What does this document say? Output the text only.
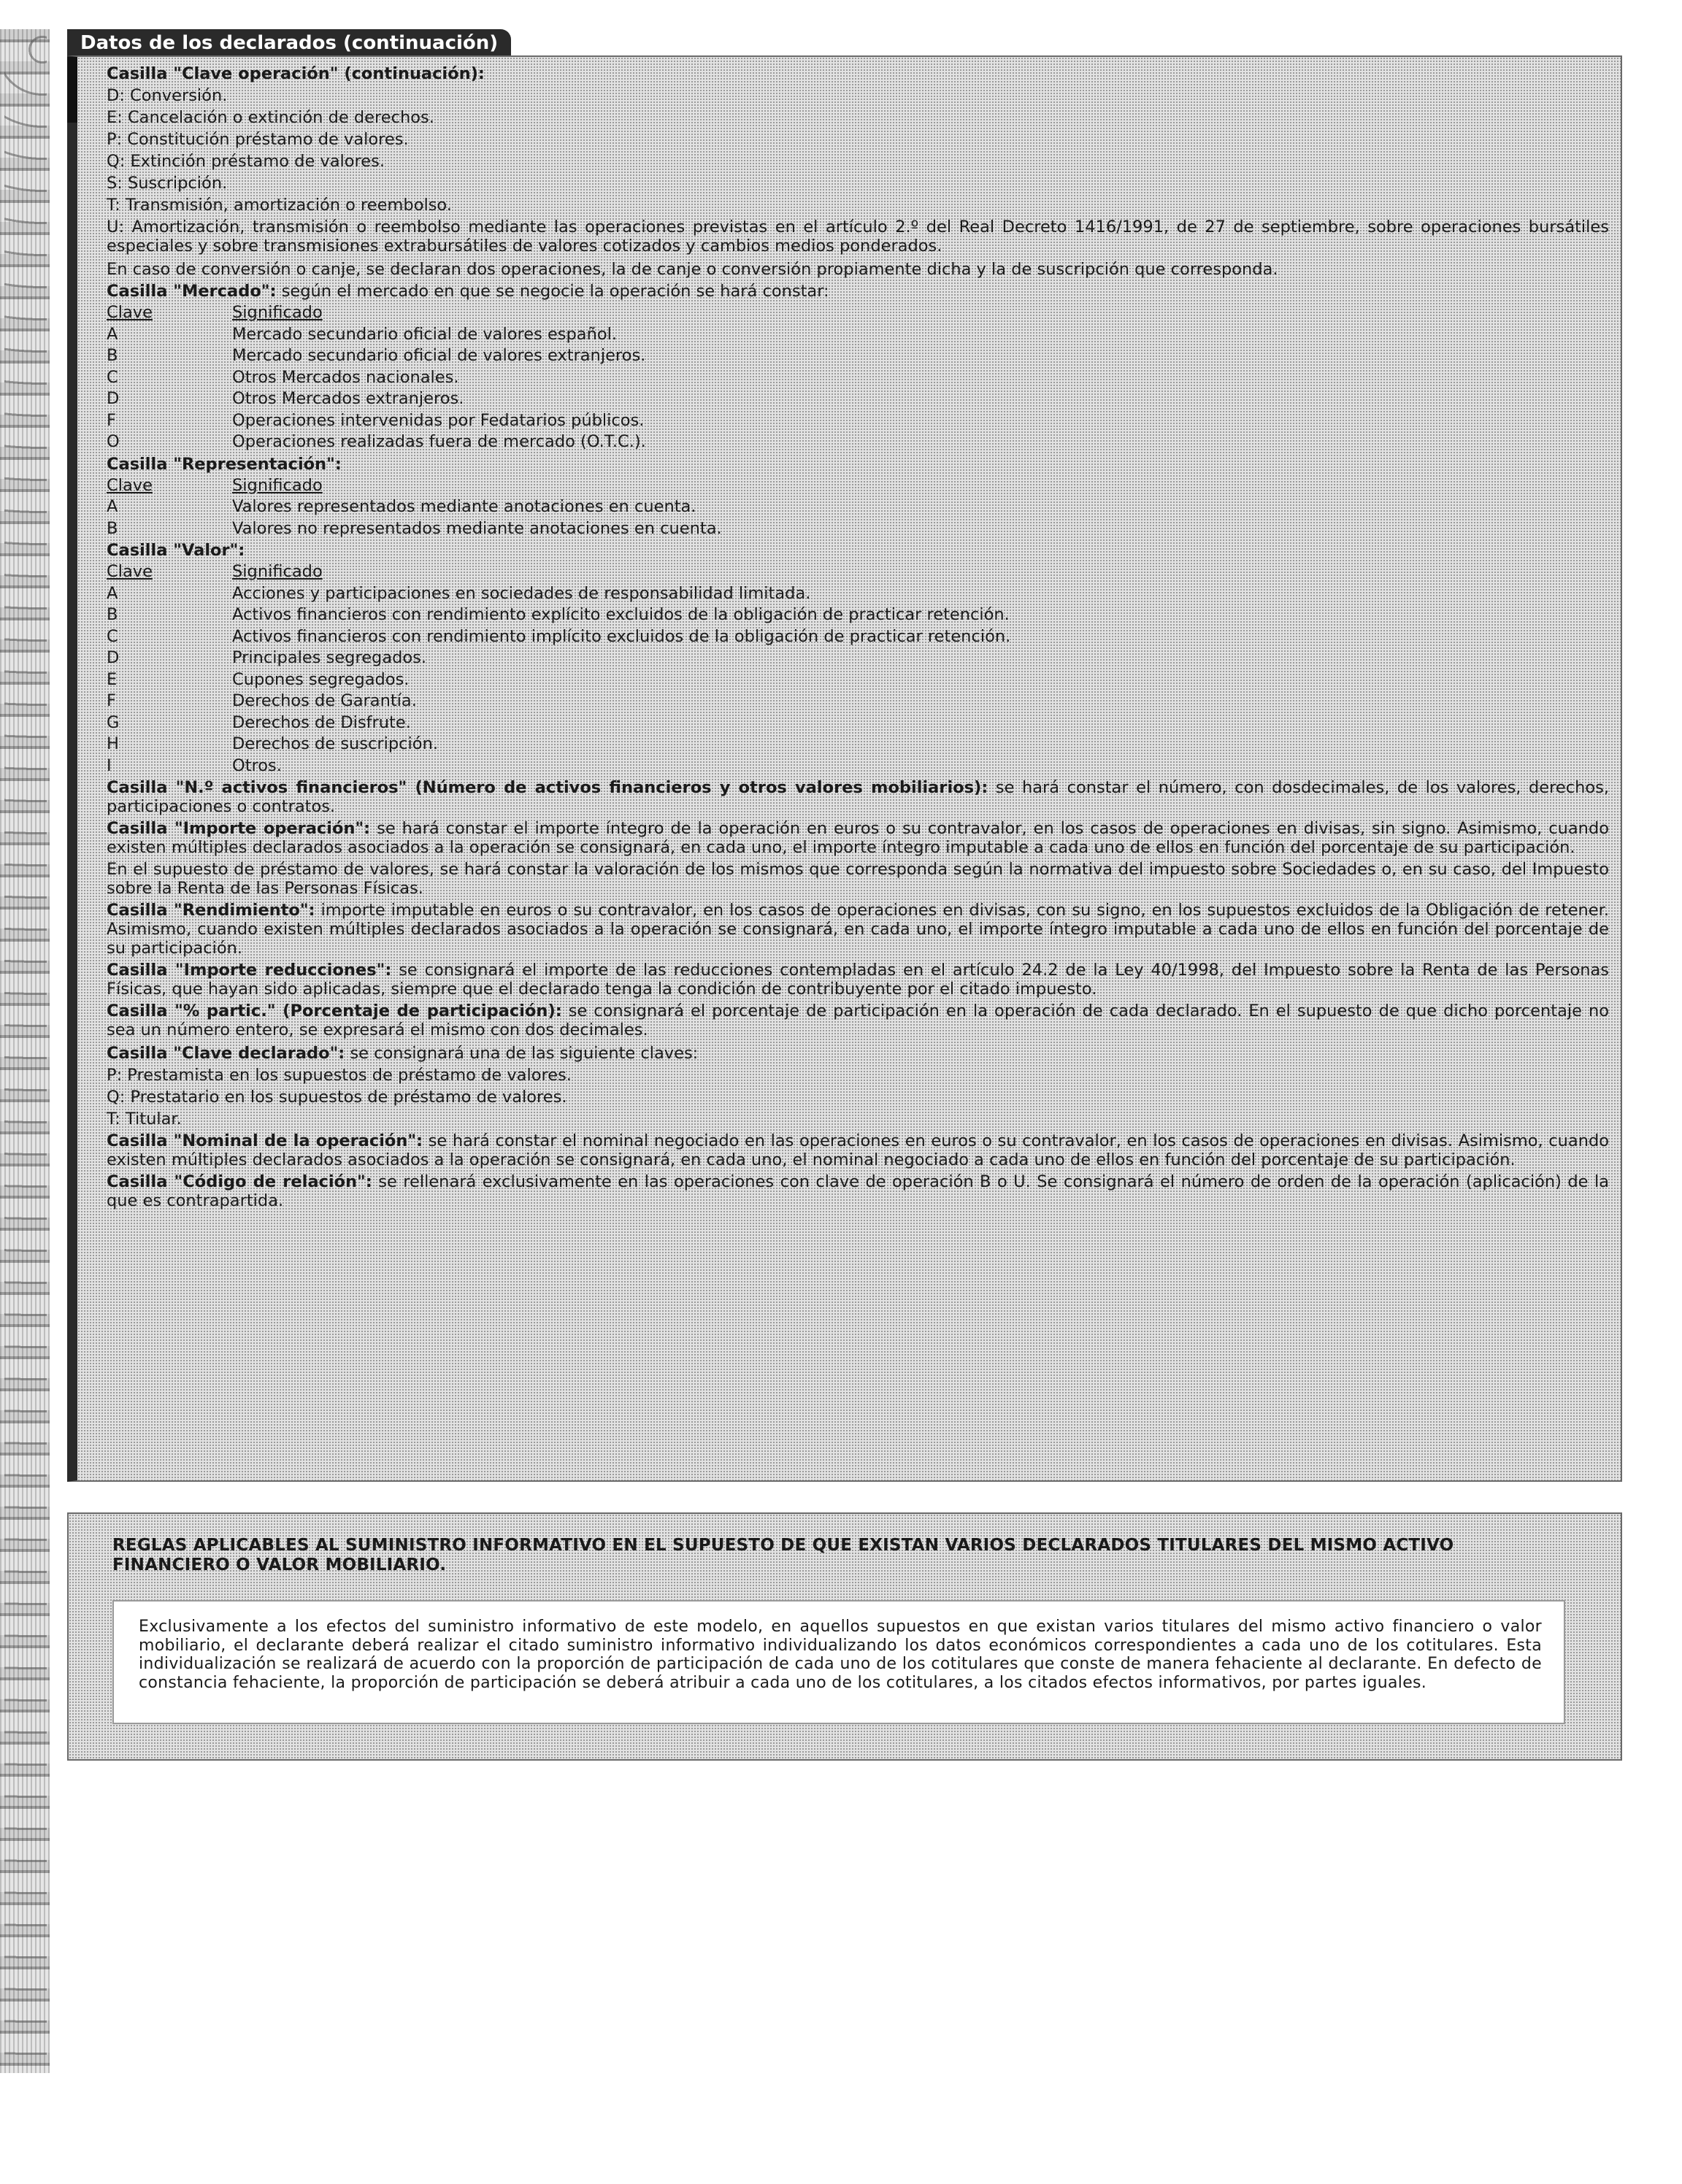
Datos de los declarados (continuación)
Casilla "Clave operación" (continuación):
D: Conversión.
E: Cancelación o extinción de derechos.
P: Constitución préstamo de valores.
Q: Extinción préstamo de valores.
S: Suscripción.
T: Transmisión, amortización o reembolso.
U: Amortización, transmisión o reembolso mediante las operaciones previstas en el artículo 2.º del Real Decreto 1416/1991, de 27 de septiembre, sobre operaciones bursátiles especiales y sobre transmisiones extrabursátiles de valores cotizados y cambios medios ponderados.
En caso de conversión o canje, se declaran dos operaciones, la de canje o conversión propiamente dicha y la de suscripción que corresponda.
Casilla "Mercado": según el mercado en que se negocie la operación se hará constar:
Clave	Significado
A	Mercado secundario oficial de valores español.
B	Mercado secundario oficial de valores extranjeros.
C	Otros Mercados nacionales.
D	Otros Mercados extranjeros.
F	Operaciones intervenidas por Fedatarios públicos.
O	Operaciones realizadas fuera de mercado (O.T.C.).
Casilla "Representación":
Clave	Significado
A	Valores representados mediante anotaciones en cuenta.
B	Valores no representados mediante anotaciones en cuenta.
Casilla "Valor":
Clave	Significado
A	Acciones y participaciones en sociedades de responsabilidad limitada.
B	Activos financieros con rendimiento explícito excluidos de la obligación de practicar retención.
C	Activos financieros con rendimiento implícito excluidos de la obligación de practicar retención.
D	Principales segregados.
E	Cupones segregados.
F	Derechos de Garantía.
G	Derechos de Disfrute.
H	Derechos de suscripción.
I	Otros.
Casilla "N.º activos financieros" (Número de activos financieros y otros valores mobiliarios): se hará constar el número, con dosdecimales, de los valores, derechos, participaciones o contratos.
Casilla "Importe operación": se hará constar el importe íntegro de la operación en euros o su contravalor, en los casos de operaciones en divisas, sin signo. Asimismo, cuando existen múltiples declarados asociados a la operación se consignará, en cada uno, el importe íntegro imputable a cada uno de ellos en función del porcentaje de su participación.
En el supuesto de préstamo de valores, se hará constar la valoración de los mismos que corresponda según la normativa del impuesto sobre Sociedades o, en su caso, del Impuesto sobre la Renta de las Personas Físicas.
Casilla "Rendimiento": importe imputable en euros o su contravalor, en los casos de operaciones en divisas, con su signo, en los supuestos excluidos de la Obligación de retener. Asimismo, cuando existen múltiples declarados asociados a la operación se consignará, en cada uno, el importe íntegro imputable a cada uno de ellos en función del porcentaje de su participación.
Casilla "Importe reducciones": se consignará el importe de las reducciones contempladas en el artículo 24.2 de la Ley 40/1998, del Impuesto sobre la Renta de las Personas Físicas, que hayan sido aplicadas, siempre que el declarado tenga la condición de contribuyente por el citado impuesto.
Casilla "% partic." (Porcentaje de participación): se consignará el porcentaje de participación en la operación de cada declarado. En el supuesto de que dicho porcentaje no sea un número entero, se expresará el mismo con dos decimales.
Casilla "Clave declarado": se consignará una de las siguiente claves:
P: Prestamista en los supuestos de préstamo de valores.
Q: Prestatario en los supuestos de préstamo de valores.
T: Titular.
Casilla "Nominal de la operación": se hará constar el nominal negociado en las operaciones en euros o su contravalor, en los casos de operaciones en divisas. Asimismo, cuando existen múltiples declarados asociados a la operación se consignará, en cada uno, el nominal negociado a cada uno de ellos en función del porcentaje de su participación.
Casilla "Código de relación": se rellenará exclusivamente en las operaciones con clave de operación B o U. Se consignará el número de orden de la operación (aplicación) de la que es contrapartida.
REGLAS APLICABLES AL SUMINISTRO INFORMATIVO EN EL SUPUESTO DE QUE EXISTAN VARIOS DECLARADOS TITULARES DEL MISMO ACTIVO FINANCIERO O VALOR MOBILIARIO.
Exclusivamente a los efectos del suministro informativo de este modelo, en aquellos supuestos en que existan varios titulares del mismo activo financiero o valor mobiliario, el declarante deberá realizar el citado suministro informativo individualizando los datos económicos correspondientes a cada uno de los cotitulares. Esta individualización se realizará de acuerdo con la proporción de participación de cada uno de los cotitulares que conste de manera fehaciente al declarante. En defecto de constancia fehaciente, la proporción de participación se deberá atribuir a cada uno de los cotitulares, a los citados efectos informativos, por partes iguales.
